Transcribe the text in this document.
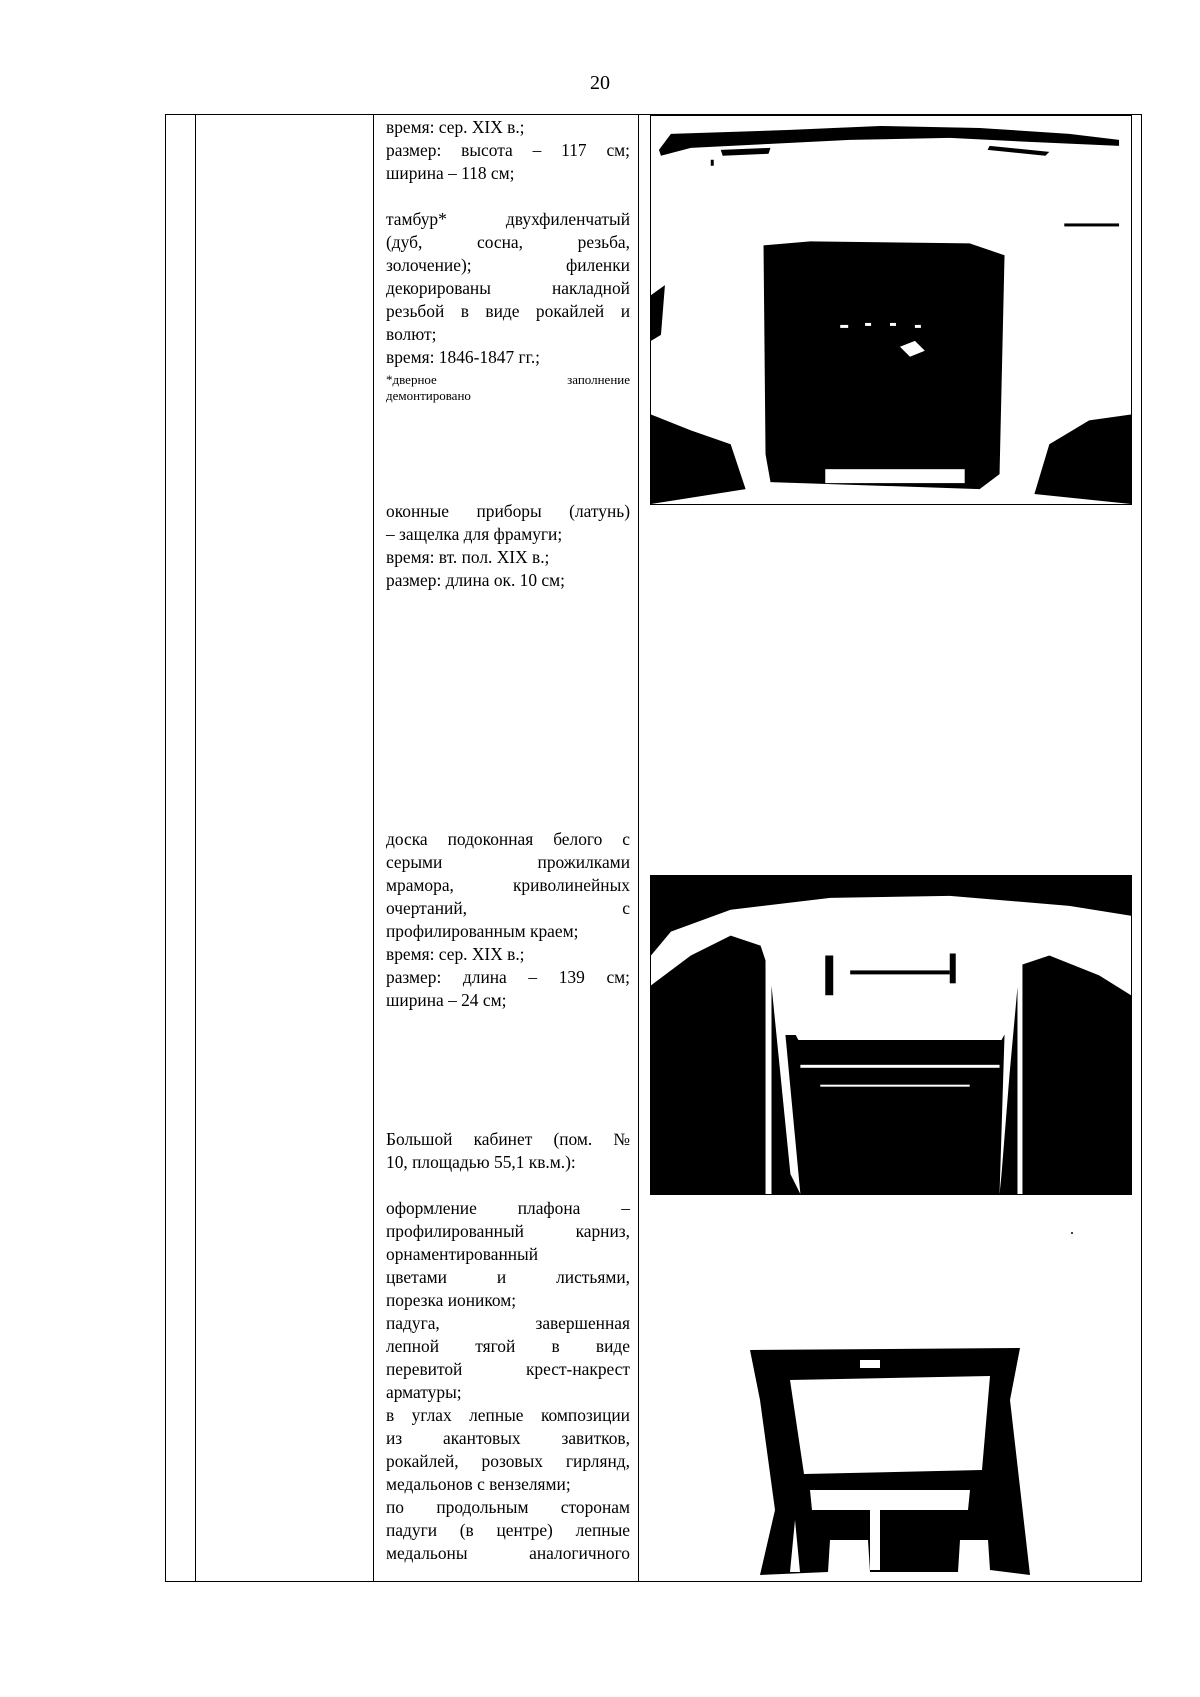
20
время: сер. XIX в.;
размер: высота – 117 см;
ширина – 118 см;
тамбур* двухфиленчатый
(дуб, сосна, резьба,
золочение); филенки
декорированы накладной
резьбой в виде рокайлей и
волют;
время: 1846-1847 гг.;
*дверное заполнение
демонтировано
оконные приборы (латунь)
– защелка для фрамуги;
время: вт. пол. XIX в.;
размер: длина ок. 10 см;
доска подоконная белого с
серыми прожилками
мрамора, криволинейных
очертаний, с
профилированным краем;
время: сер. XIX в.;
размер: длина – 139 см;
ширина – 24 см;
Большой кабинет (пом. №
10, площадью 55,1 кв.м.):
оформление плафона –
профилированный карниз,
орнаментированный
цветами и листьями,
порезка иоником;
падуга, завершенная
лепной тягой в виде
перевитой крест-накрест
арматуры;
в углах лепные композиции
из акантовых завитков,
рокайлей, розовых гирлянд,
медальонов с вензелями;
по продольным сторонам
падуги (в центре) лепные
медальоны аналогичного
